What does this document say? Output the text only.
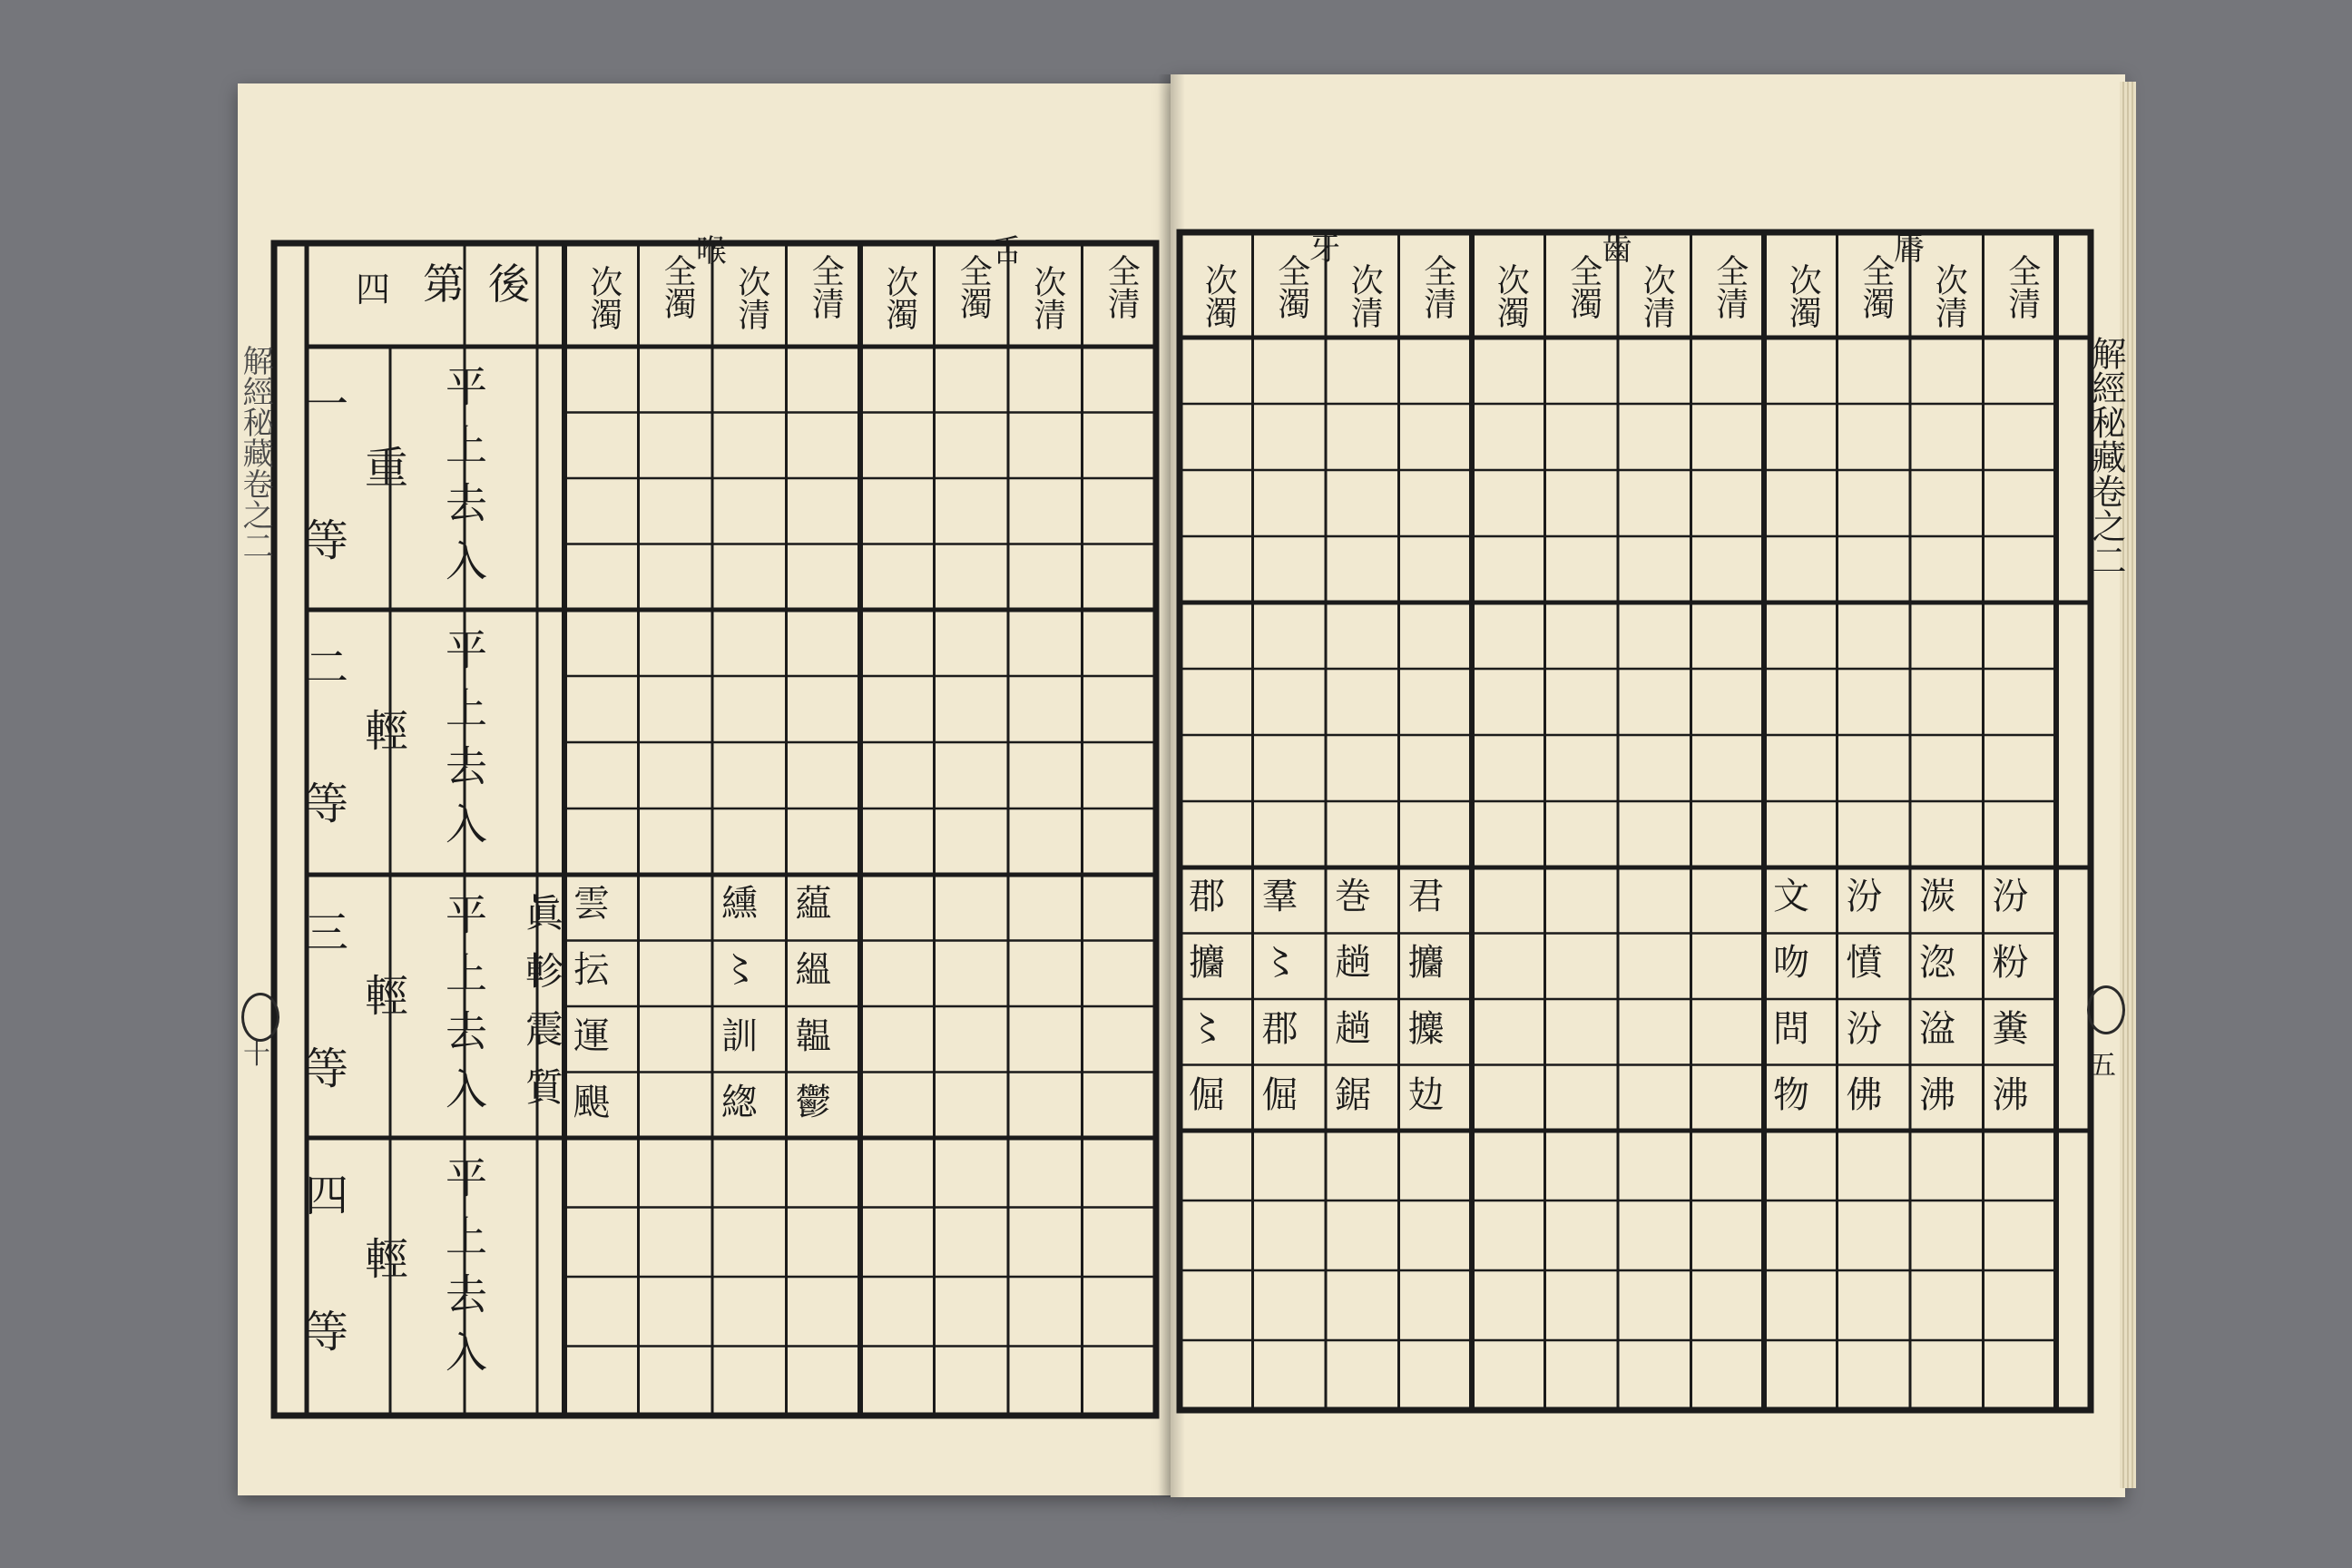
後
第
四
喉
次濁 全濁 次清 全清
舌
次濁 全濁 次清 全清
一
等
重 平上去入
二
等
輕 平上去入
三
等
輕 平上去入 眞軫震質
四
等
輕 平上去入
藴
縕
韞
鬱
纁
〻
訓
緫
雲
抎
運
颶
牙
次濁 全濁 次清 全清
齒
次濁 全濁 次清 全清
脣
次濁 全濁 次清 全清
君
攟
攗
攰
巻
趟
趟
鋸
羣
〻
郡
倔
郡
攟
〻
倔
汾
粉
糞
沸
湠
淴
湓
沸
汾
憤
汾
佛
文
吻
問
物
解經秘藏卷之二	解經秘藏卷之二
十	五
